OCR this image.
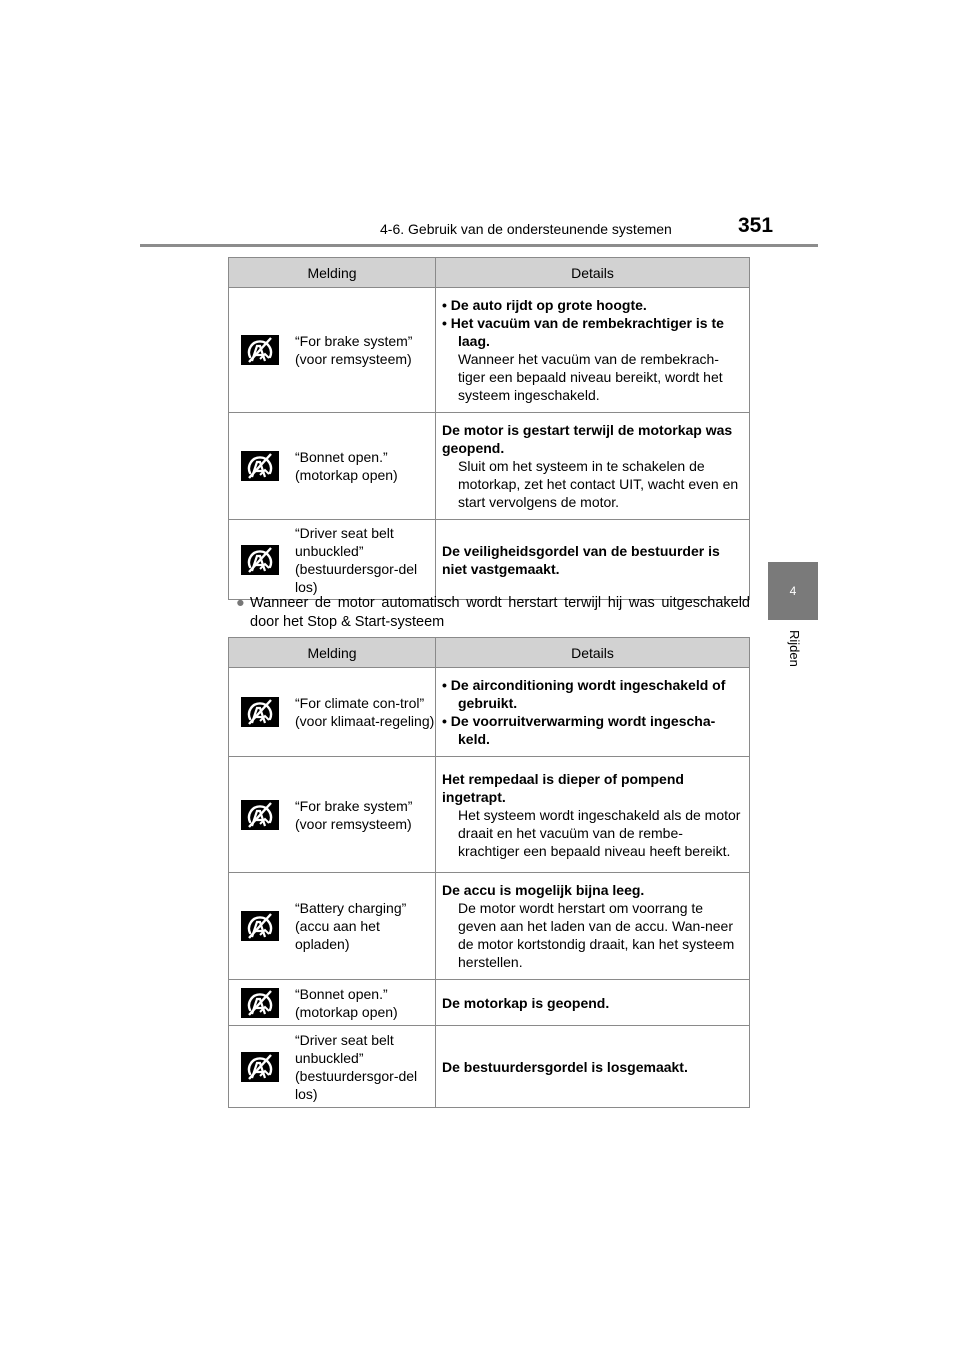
4-6. Gebruik van de ondersteunende systemen	351
4
Rijden
Melding	Details

“For brake system” (voor remsysteem)	• De auto rijdt op grote hoogte.
• Het vacuüm van de rembekrachtiger is te laag.
Wanneer het vacuüm van de rembekrach-tiger een bepaald niveau bereikt, wordt het systeem ingeschakeld.

“Bonnet open.” (motorkap open)	De motor is gestart terwijl de motorkap was geopend.
Sluit om het systeem in te schakelen de motorkap, zet het contact UIT, wacht even en start vervolgens de motor.

“Driver seat belt unbuckled” (bestuurdersgor-del los)	De veiligheidsgordel van de bestuurder is niet vastgemaakt.
● Wanneer de motor automatisch wordt herstart terwijl hij was uitgeschakeld door het Stop & Start-systeem
Melding	Details

“For climate con-trol” (voor klimaat-regeling)	• De airconditioning wordt ingeschakeld of gebruikt.
• De voorruitverwarming wordt ingescha-keld.

“For brake system” (voor remsysteem)	Het rempedaal is dieper of pompend ingetrapt.
Het systeem wordt ingeschakeld als de motor draait en het vacuüm van de rembe-krachtiger een bepaald niveau heeft bereikt.

“Battery charging” (accu aan het opladen)	De accu is mogelijk bijna leeg.
De motor wordt herstart om voorrang te geven aan het laden van de accu. Wan-neer de motor kortstondig draait, kan het systeem herstellen.

“Bonnet open.” (motorkap open)	De motorkap is geopend.

“Driver seat belt unbuckled” (bestuurdersgor-del los)	De bestuurdersgordel is losgemaakt.
